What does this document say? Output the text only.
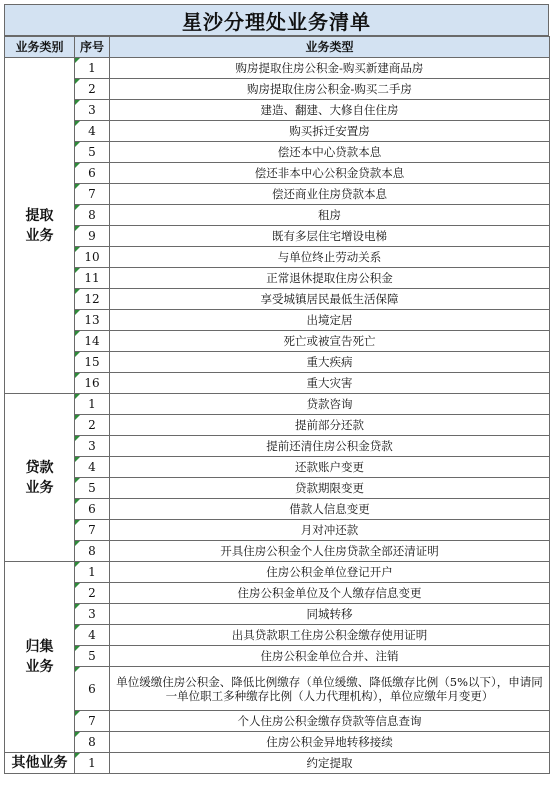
星沙分理处业务清单
业务类别	序号	业务类型

提取
业务	1	购房提取住房公积金-购买新建商品房
	2	购房提取住房公积金-购买二手房
	3	建造、翻建、大修自住住房
	4	购买拆迁安置房
	5	偿还本中心贷款本息
	6	偿还非本中心公积金贷款本息
	7	偿还商业住房贷款本息
	8	租房
	9	既有多层住宅增设电梯
	10	与单位终止劳动关系
	11	正常退休提取住房公积金
	12	享受城镇居民最低生活保障
	13	出境定居
	14	死亡或被宣告死亡
	15	重大疾病
	16	重大灾害

贷款
业务	1	贷款咨询
	2	提前部分还款
	3	提前还清住房公积金贷款
	4	还款账户变更
	5	贷款期限变更
	6	借款人信息变更
	7	月对冲还款
	8	开具住房公积金个人住房贷款全部还清证明

归集
业务	1	住房公积金单位登记开户
	2	住房公积金单位及个人缴存信息变更
	3	同城转移
	4	出具贷款职工住房公积金缴存使用证明
	5	住房公积金单位合并、注销
	6	单位缓缴住房公积金、降低比例缴存（单位缓缴、降低缴存比例（5%以下），申请同一单位职工多种缴存比例（人力代理机构），单位应缴年月变更）
	7	个人住房公积金缴存贷款等信息查询
	8	住房公积金异地转移接续

其他业务	1	约定提取
